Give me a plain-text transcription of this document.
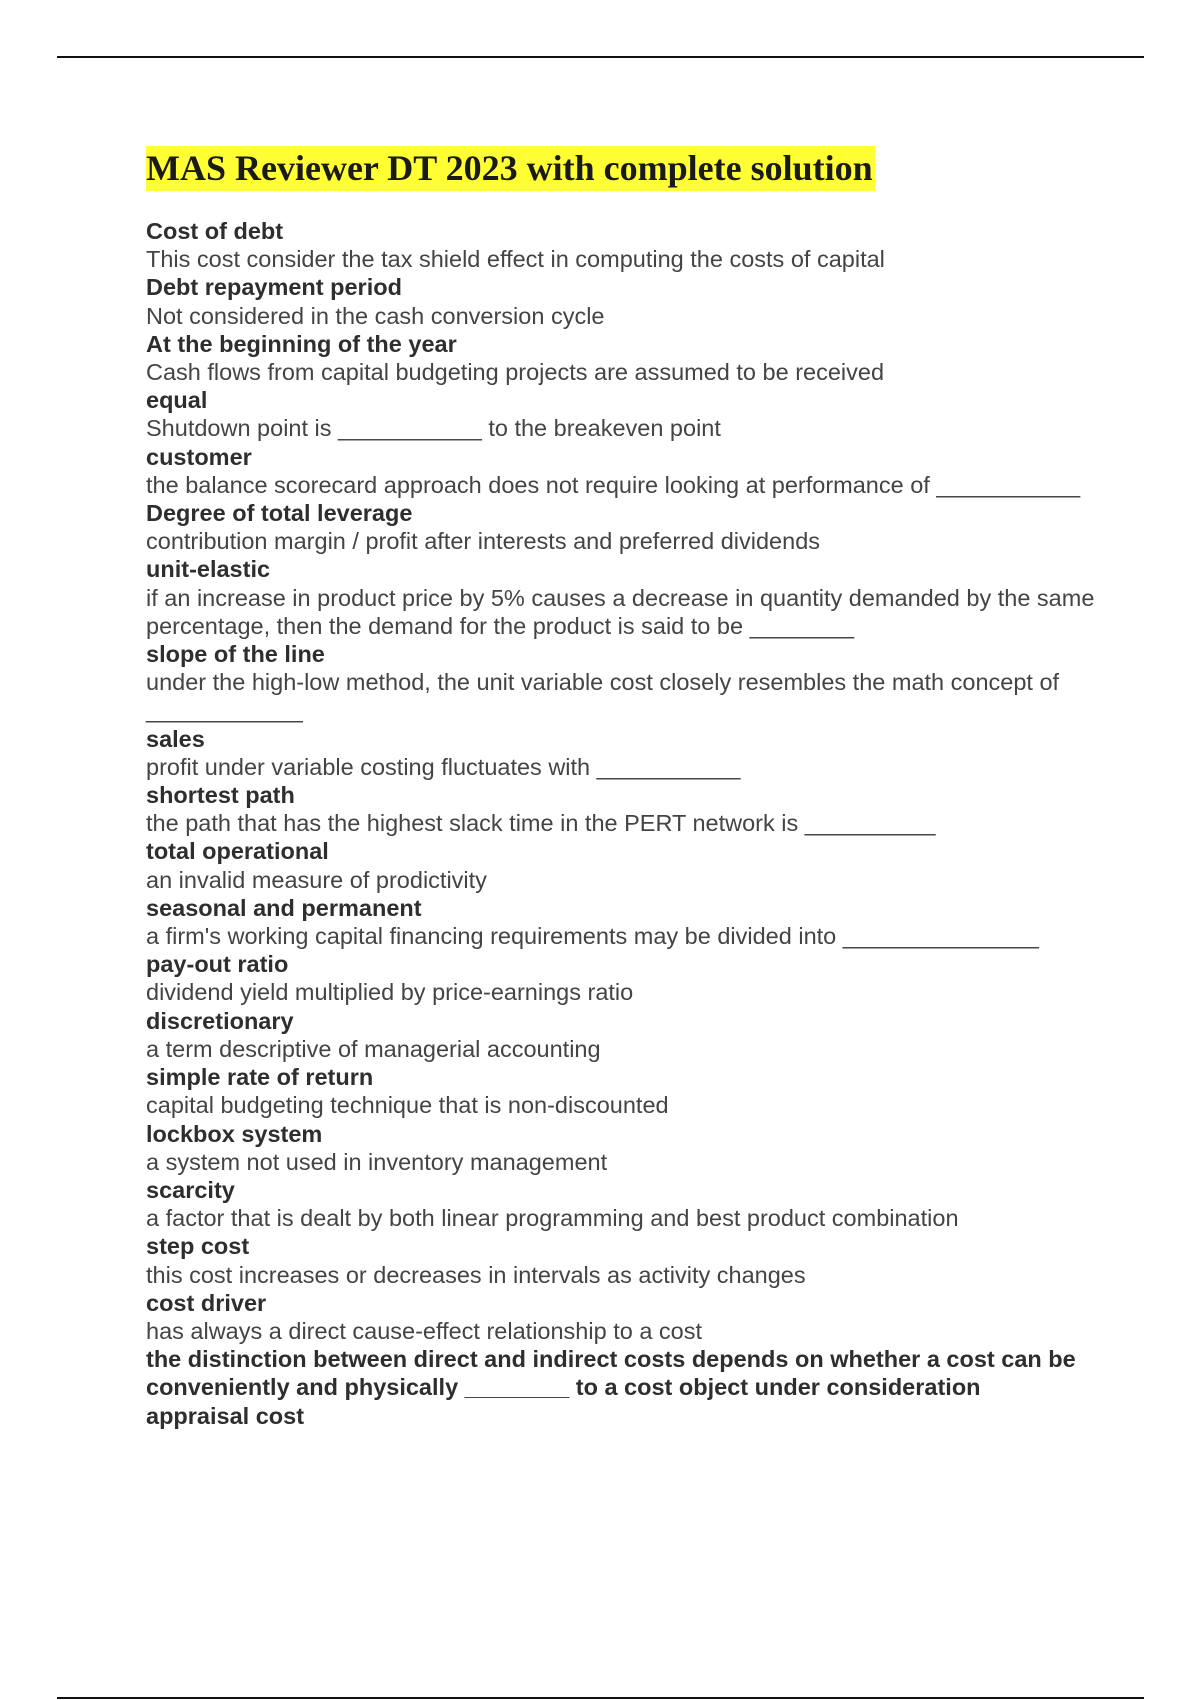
MAS Reviewer DT 2023 with complete solution
Cost of debt
This cost consider the tax shield effect in computing the costs of capital
Debt repayment period
Not considered in the cash conversion cycle
At the beginning of the year
Cash flows from capital budgeting projects are assumed to be received
equal
Shutdown point is ___________ to the breakeven point
customer
the balance scorecard approach does not require looking at performance of ___________
Degree of total leverage
contribution margin / profit after interests and preferred dividends
unit-elastic
if an increase in product price by 5% causes a decrease in quantity demanded by the same percentage, then the demand for the product is said to be ________
slope of the line
under the high-low method, the unit variable cost closely resembles the math concept of ____________
sales
profit under variable costing fluctuates with ___________
shortest path
the path that has the highest slack time in the PERT network is __________
total operational
an invalid measure of prodictivity
seasonal and permanent
a firm's working capital financing requirements may be divided into _______________
pay-out ratio
dividend yield multiplied by price-earnings ratio
discretionary
a term descriptive of managerial accounting
simple rate of return
capital budgeting technique that is non-discounted
lockbox system
a system not used in inventory management
scarcity
a factor that is dealt by both linear programming and best product combination
step cost
this cost increases or decreases in intervals as activity changes
cost driver
has always a direct cause-effect relationship to a cost
the distinction between direct and indirect costs depends on whether a cost can be conveniently and physically ________ to a cost object under consideration
appraisal cost
